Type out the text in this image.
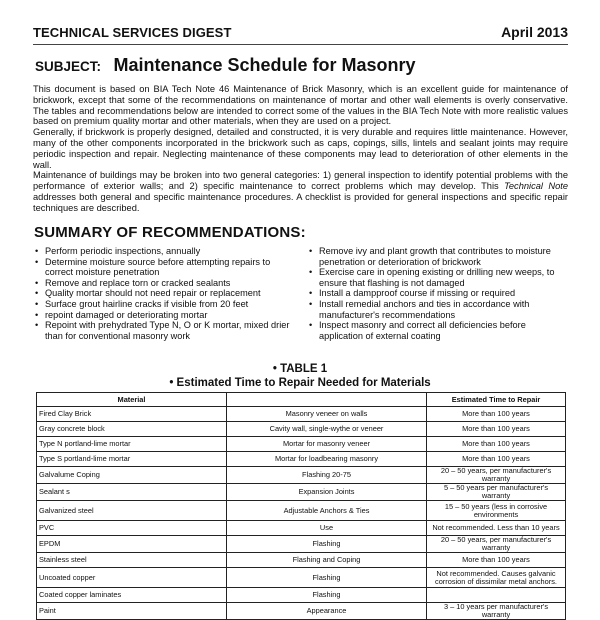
TECHNICAL SERVICES DIGEST	April 2013
SUBJECT: Maintenance Schedule for Masonry

This document is based on BIA Tech Note 46 Maintenance of Brick Masonry, which is an excellent guide for maintenance of brickwork, except that some of the recommendations on maintenance of mortar and other wall elements is overly conservative. The tables and recommendations below are intended to correct some of the values in the BIA Tech Note with more realistic values based on premium quality mortar and other materials, when they are used on a project.

Generally, if brickwork is properly designed, detailed and constructed, it is very durable and requires little maintenance. However, many of the other components incorporated in the brickwork such as caps, copings, sills, lintels and sealant joints may require periodic inspection and repair. Neglecting maintenance of these components may lead to deterioration of other elements in the wall.

Maintenance of buildings may be broken into two general categories: 1) general inspection to identify potential problems with the performance of exterior walls; and 2) specific maintenance to correct problems which may develop. This Technical Note addresses both general and specific maintenance procedures. A checklist is provided for general inspections and specific repair techniques are described.

SUMMARY OF RECOMMENDATIONS:
• Perform periodic inspections, annually
• Determine moisture source before attempting repairs to correct moisture penetration
• Remove and replace torn or cracked sealants
• Quality mortar should not need repair or replacement
• Surface grout hairline cracks if visible from 20 feet
• repoint damaged or deteriorating mortar
• Repoint with prehydrated Type N, O or K mortar, mixed drier than for conventional masonry work
• Remove ivy and plant growth that contributes to moisture penetration or deterioration of brickwork
• Exercise care in opening existing or drilling new weeps, to ensure that flashing is not damaged
• Install a dampproof course if missing or required
• Install remedial anchors and ties in accordance with manufacturer's recommendations
• Inspect masonry and correct all deficiencies before application of external coating
• TABLE 1
• Estimated Time to Repair Needed for Materials
Material		Estimated Time to Repair
Fired Clay Brick	Masonry veneer on walls	More than 100 years
Gray concrete block	Cavity wall, single-wythe or veneer	More than 100 years
Type N portland-lime mortar	Mortar for masonry veneer	More than 100 years
Type S portland-lime mortar	Mortar for loadbearing masonry	More than 100 years
Galvalume Coping	Flashing 20-75	20 – 50 years, per manufacturer's warranty
Sealant s	Expansion Joints	5 – 50 years per manufacturer's warranty
Galvanized steel	Adjustable Anchors & Ties	15 – 50 years (less in corrosive environments
PVC	Use	Not recommended. Less than 10 years
EPDM	Flashing	20 – 50 years, per manufacturer's warranty
Stainless steel	Flashing and Coping	More than 100 years
Uncoated copper	Flashing	Not recommended. Causes galvanic corrosion of dissimilar metal anchors.
Coated copper laminates	Flashing	
Paint	Appearance	3 – 10 years per manufacturer's warranty
